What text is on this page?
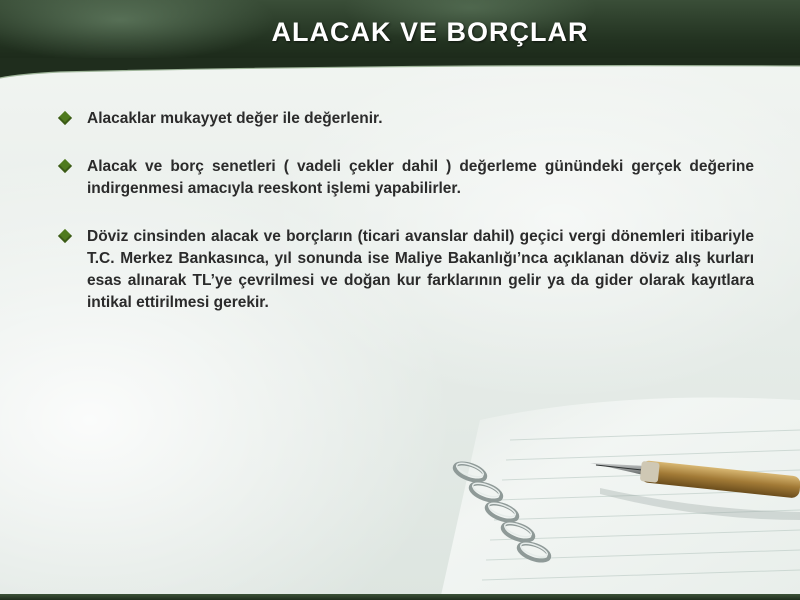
ALACAK VE BORÇLAR
Alacaklar mukayyet değer ile değerlenir.
Alacak ve borç senetleri ( vadeli çekler dahil ) değerleme günündeki gerçek değerine indirgenmesi amacıyla reeskont işlemi yapabilirler.
Döviz cinsinden alacak ve borçların (ticari avanslar dahil) geçici vergi dönemleri itibariyle T.C. Merkez Bankasınca, yıl sonunda ise Maliye Bakanlığı’nca açıklanan döviz alış kurları esas alınarak TL’ye çevrilmesi ve doğan kur farklarının gelir ya da gider olarak kayıtlara intikal ettirilmesi gerekir.
